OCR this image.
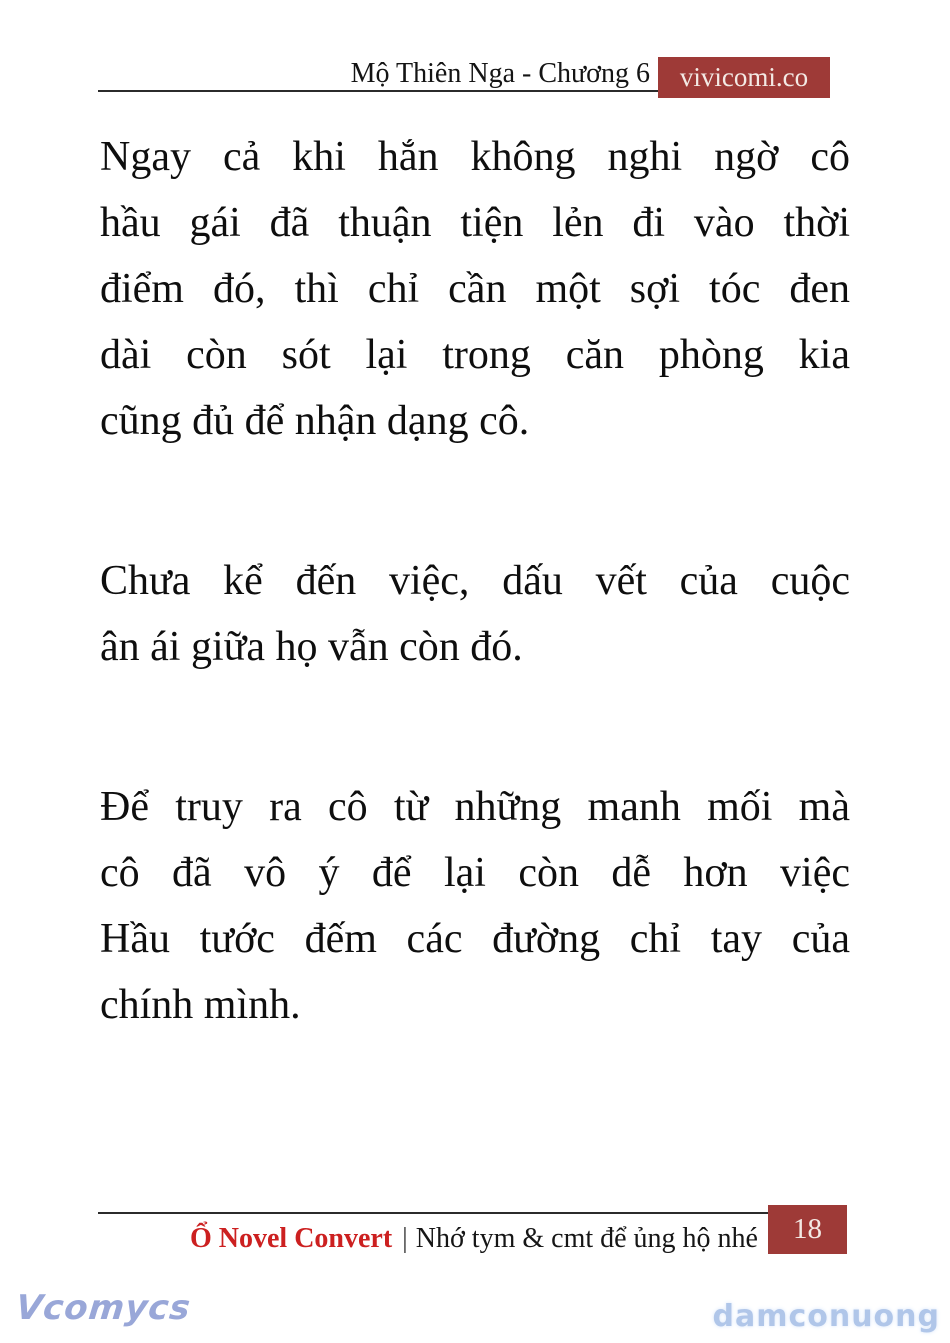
Mộ Thiên Nga - Chương 6	vivicomi.co
Ngay cả khi hắn không nghi ngờ cô
hầu gái đã thuận tiện lẻn đi vào thời
điểm đó, thì chỉ cần một sợi tóc đen
dài còn sót lại trong căn phòng kia
cũng đủ để nhận dạng cô.
Chưa kể đến việc, dấu vết của cuộc
ân ái giữa họ vẫn còn đó.
Để truy ra cô từ những manh mối mà
cô đã vô ý để lại còn dễ hơn việc
Hầu tước đếm các đường chỉ tay của
chính mình.
Ổ Novel Convert | Nhớ tym & cmt để ủng hộ nhé	18
Vcomycs	damconuong
